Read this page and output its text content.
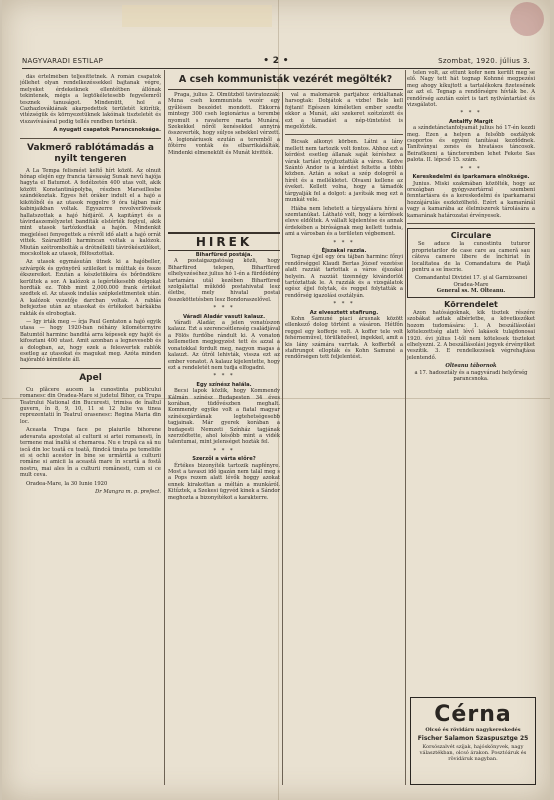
NAGYVARADI ESTILAP	• 2 •	Szombat, 1920. július 3.
A cseh kommunisták vezérét megölték?

dás értelmében teljesíttetnek. A román csapatok jóllehet olyan rendelkezéssekkel bajtanak végre, melyeket érdekeiknek ellentétben állónak tekintenek, mégis a legtökéletesebb fegyelemről tesznek tanuságot. Mindenütt, hol a Cazhazlovákiának akarpedettek területét kiürítik, vitézségük és környezetüknek lakóinak tiszteletét és viszavívásával pedig tellés rendben torténik.

A nyugati csapatok Parancsnoksága.
Vakmerő rablótámadás a nyilt tengeren

A La Tempa felismést keltő hírt közöl. Az olnuit hónap elején egy francia távsaság Sunak nevű hajója hagyta el Batumot. A fedélzetén 400 utas volt, akik között Konstantinápolyba, részben Marseillesbe szándékoztak. Egyes hét óráker indult el a hajó a kikötőből és az utasok reggelre 9 óra tájban már kabinjaikban voltak. Egyszerre revolverlövések hallatszottak a hajó hídjáról. A kapitányt és a távirdaszemélyzetet banditák elstérték foglyul, akik mint utasok tartózkodtak a hajón. Mindenkit megjelései fenyegettek a révről idő alatt a hajó orrát vitték. Szárazföldi harmincan voltak a kalózok. Miután szétrombolták a drótnélküli távirókészüléket, mocskoltok az utasok, fölfosztottak.

Az utasok egymásután ütnek ki a hajóbeller, szivárgók és gyönyörű szüleiket is múlttak és össze ékszereiket. Ezután a készletükéra és bőröndökre kerültek a sor. A kalózok a legértékesebb dolgokat hordták ez. Több mint 2,000.000 frank értéket szedtek el. Az utasok indulás szépkelettmentek után. A kalózok vezetője darcban voltak. A rablás befejeztse után az utasokat és értékeket bárkákba rakták és elrobogtak.

— Igy irták meg — írja Paul Gentaton a hajó egyik utasa — hogy 1920-ban néhány kilométernyire Batumtól harminc banditá arra képesek egy hajót és kifosztani 400 utast. Amit azonban a legnevesebb és a dologban, az, hogy ezek a felesvertek rablók esetleg az utasokat és magukat meg. Azóta minden hajórabló kémülete áll.

Apel

Cu plăcere aucem la cunostinta publicului romanesc din Oradea-Mare si judetul Bihor, ca Trupa Teatrului National din Bucuresti, trimisa de înaltul guvern, în 8, 9, 10, 11 si 12 Iulie va tinea reprezentatii în Teatrul orasenesc: Regina Maria din loc.

Aceasta Trupa face pe plaiurile bihorene adevarata apostolat al culturii si artei romanesti, în termene mai înaltă si chemarea. Nu e trupă ca să nu iscă din loc toată cu toată, fiindcă tinuta pe temeliile ei si ochii acestor în bine se urmărită a culturii române si amicii la această mare în scurtă a fostă nostru, mai ales în a culturii românesti, cum si ce mult ceva.

Oradea-Mare, la 30 Iunie 1920
Dr Mangra m. p. prefect.

Praga, julius 2. Olmützből táviratozzák: Muna cseh kommunista vezér egy gyűlésen beszédet mondott. Ekkorra mintegy 300 cseh legionárius a terembe nyomult s ravaterre marta Munára. Szekekkel nőről kenésekkel annyira összeverték, hogy súlyos sebekkel vérzett. A legionáriusok ezután a teremből a főtérre vonták és elbarrikádálták. Mindenki elmenekült és Munát kivitték.

HIREK
Biharfüred postája.

A postaigazgatóság közli, hogy Biharfüred telepen, Biharfüred elhelyezéséhez julius hó 1-én a fürdőidény tartamára utál kezében Biharfüred szolgálattal működő postahivatal lesz életbe, mely hivatal postai összeköttetésben lesz Bondoraszelővel.

* * *
Váradi Aladár vasuti kalauz.

Váradi Aladár, a jelen vonatúszon kalauz. Ezt a szerencsétlenség családjával a Fölös furdőbe rándult ki. A vonaton kellemetlen megjegyzést tett és azzal a vonatokkal fordult meg, nagyon magas a kalauzt. Az útról lehivták, vissza ezt az ember vonatot. A kalauz kijelentette, hogy ezt a rendeletét nem tudja elfogadni.

* * *
Egy színész halála.

Becsi lapok közlik, hogy Kommendy Kálmán színész Budapesten 34 éves korában, tüdővészben meghalt. Kommendy egyike volt a fiatal magyar színészgárdának legtehetségesebb tagjainak. Már gyerek korában a budapesti Nemzeti Színház tagjának szerződtette, ahol később mint a vidék talentumai, mint jelenséget hozták fel.

* * *
Szerzői a várta előre?

Értékes bizonyíték tartozik napfényre. Most a tavaszi idő igazán nem talál meg s a Pops rezem alatt lévők hoggy azokat ennek kirakottan a méltán a munkáról. Kitűztek, a Szekesi ügyvéd kinek a Sándor meghozta a bizonyítékot a karakterre.

val a malomárok partjához érkiáltanak harsogtak: Dobjátok a vizbe! Bele kell fojtani! Egészen kíméletlen ember szedte ekkor a Munát, aki szekeret szétzúzott és ezt a támadást a nép-tüntetést is megelőzték.

Bicsak alkonyi körben. Látni a lány mellett nem tartozik volt fontos. Ahhoz ezt a kérdést esetleg állanak saját kéréshez a várak tartást nyújtoztatták a város. Kedve Szántó Andor is a kérdést feltette a többi közben. Aztán a sokat a szép dologról a hírét és a mellékletet. Olvasni kellene az éveket. Kellett volna, hogy a támadók tárgyalják fel a dolgot: a javítsák meg ezt a munkát vele.

Hiába nem lehetett a tárgyalásra hívni a szemtanúkat. Látható volt, hogy a kérdések eleve eldőltek. A vállalt kijelentése és annak érdekében a biróságnak meg kellett tudnia, ami a városban és a területen végbement.

* * *
Éjszakai razzia.

Tegnap éjjel egy óra tájban harminc főnyi rendőrséggel Klaudi Bertas József vezetése alatt razziát tartottak a város éjszakai helyein. A razziát tizennégy kivándorlót tartóztattak le. A razziák és a vizsgálatok egész éjjel folytak, és reggel folytatták a rendőrség igazolási osztályán.

* * *
Az elvesztett stafirung.

Kohn Samuné piaci árusnak között ellenkező dolog történt a vásáron. Hétfőn reggel egy kofferje volt. A koffer tele volt fehérneművel, törülközővel, ingekkel, amit a kis lány számára varrtak. A kofferből a stafirungot ellopták és Kohn Samuné a rendőrségen tett feljelentést.

telen volt, az ettunt kofer nem került meg se elő. Nagy tett hát tegnap Kohnné megpezési meg ahogy kíkujtott a tartalékokra fizetesének az azt el. Tegnap a rendőrségre hívták be. A rendőrség azután ezért is tart nyilvántartást és vizsgálatot.

* * *
Antalffy Margit

a színdetánctanfolyamát julius hó 17-én kezdi meg. Ezen a helyen a felsőbb osztályok csoportos és egyéni tanításai kezdődnek. Tanítványai zenés és hivatásos táncosok. Beiratkozni a táncteremben lehet Fekete Sas palota. II. lépcső 15. szám.

* * *
Kereskedelmi és iparkamara elnöksége.

Junius. Miski szakmában közölték, hogy az országban gyógyszertárral szembeni fenntartásra és a kereskedelmi és iparkamarai hozzájárulás eszközölhető. Ezért a kamaránál vagy a kamarába az élelmiszerek tárolására a kamarának határozatai érvényesek.

Circulare

Se aduce la cunostintu tuturor proprietarilor de case care au cameră sau câteva camere libere de închiriat în localitatea de la Comandatura de Piaţă pentru a se înscrie.

Comandantul Diviziei 17. şi al Garnizoanei Oradea-Mare
General ss. M. Olteanu.
Körrendelet

Azon hatóságoknak, kik tisztek részére szobákat adtak albérletbe, a következőket hozom tudomására: 1. A beszállásolási kötelezettség alatt lévő lakások tulajdonosai 1920. évi július 1-től nem kötelesek tiszteket elhelyezni. 2. A beszállásolási jegyek érvényüket veszítik. 3. E rendelkezések végrehajtása jelentendő.

Olteanu tábornok
a 17. hadosztály és a nagyváradi helyőrség parancsnoka.
Cérna
Olcsó és rövidáru nagykereskedés
Fischer Salamon Szaspusztge 25
Korsószalvét szíjak, hajóskönyvek, nagy választékban, olcsó árakon. Posztóáruk és rövidáruk nagyban.
